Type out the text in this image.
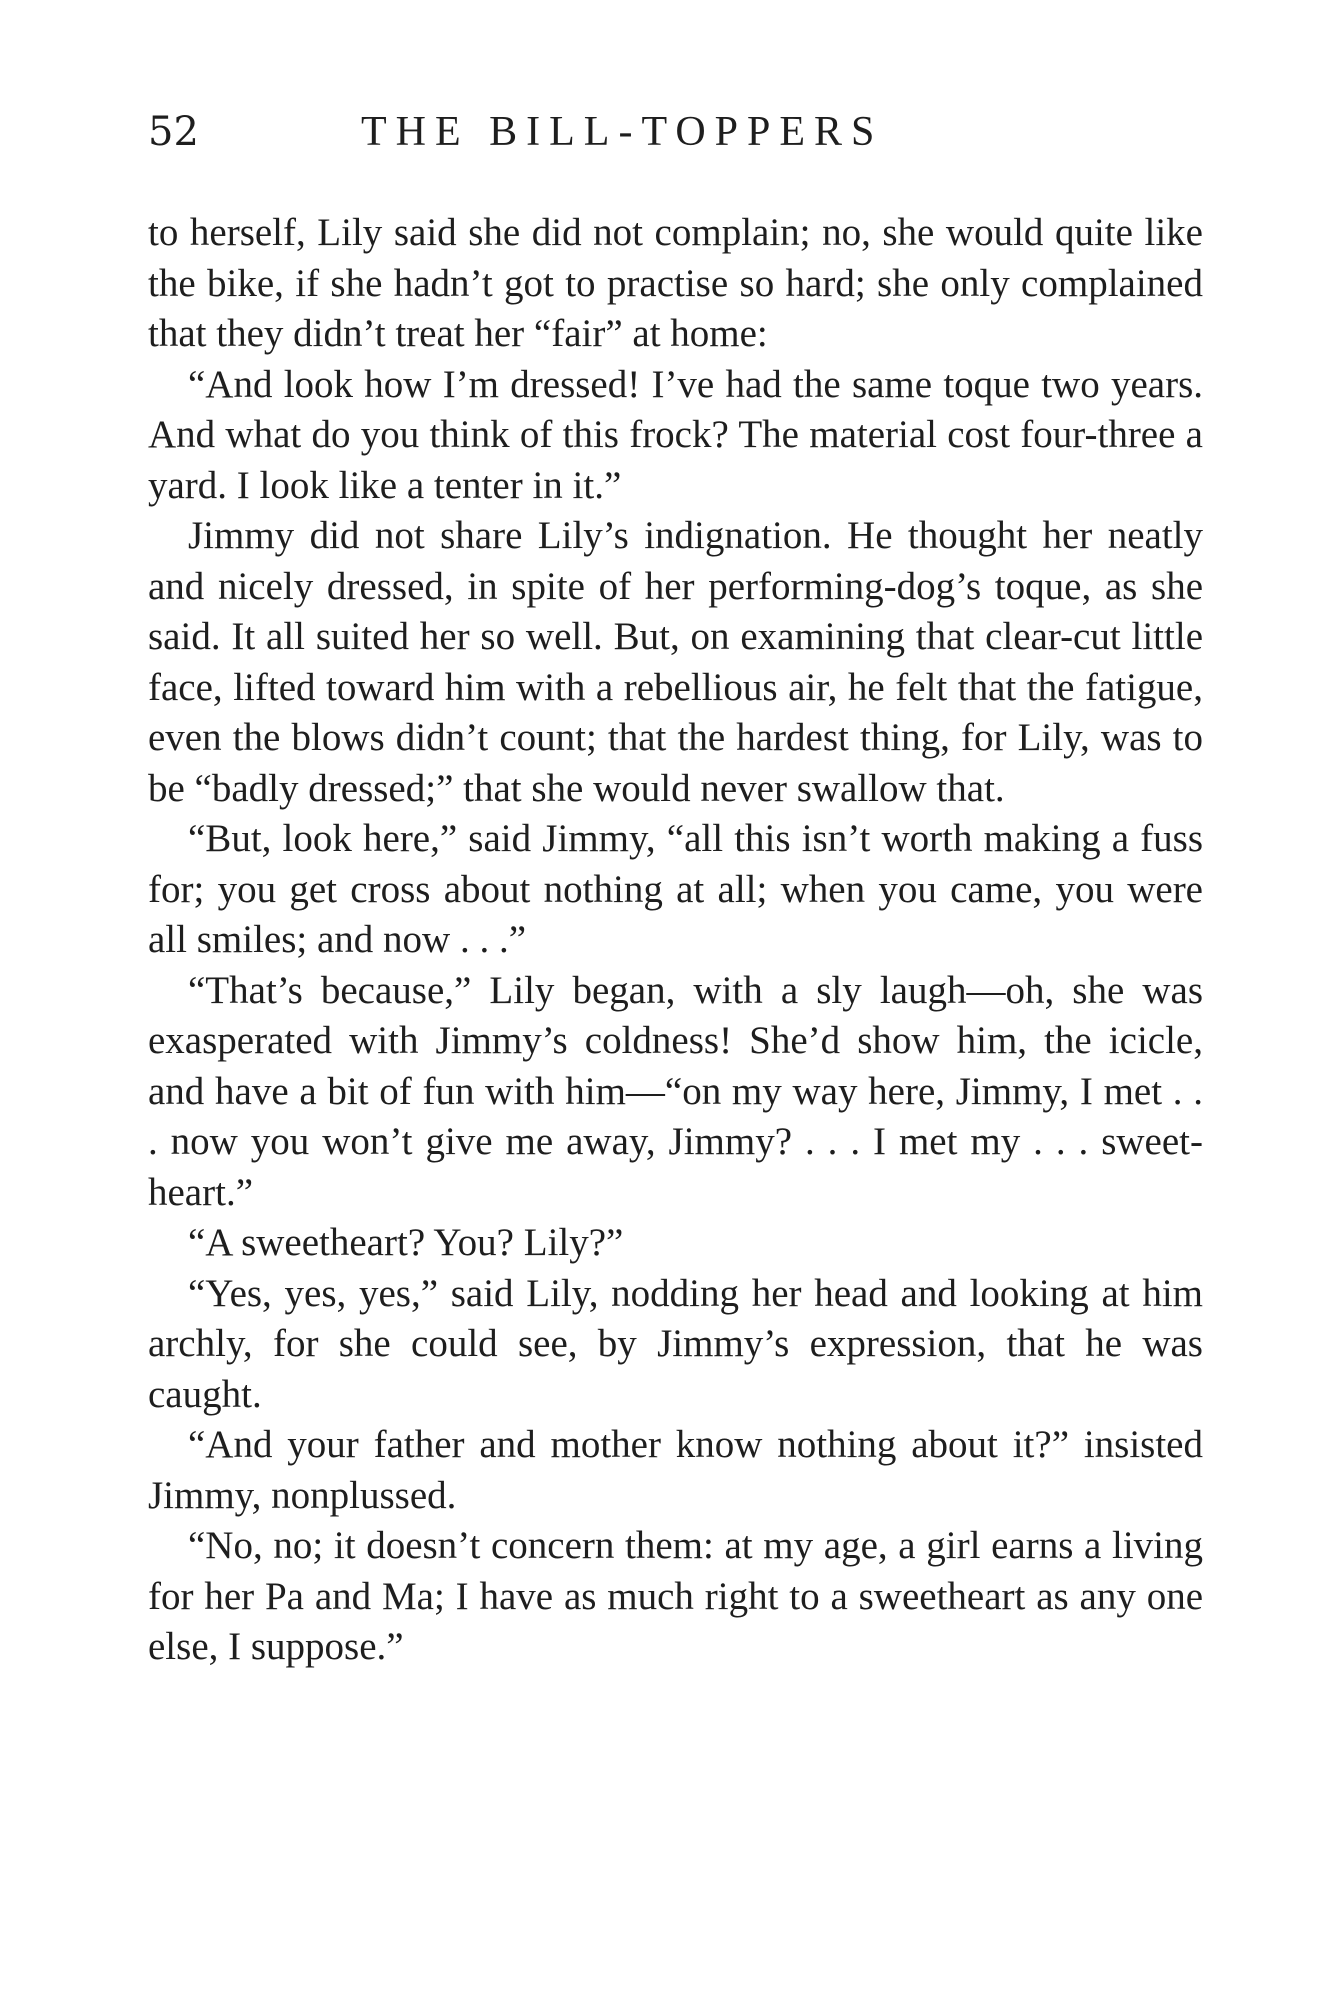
52	THE BILL-TOPPERS

to herself, Lily said she did not complain; no, she would quite like the bike, if she hadn’t got to practise so hard; she only complained that they didn’t treat her “fair” at home:

“And look how I’m dressed! I’ve had the same toque two years. And what do you think of this frock? The material cost four-three a yard. I look like a tenter in it.”

Jimmy did not share Lily’s indignation. He thought her neatly and nicely dressed, in spite of her performing-dog’s toque, as she said. It all suited her so well. But, on examining that clear-cut little face, lifted toward him with a rebellious air, he felt that the fatigue, even the blows didn’t count; that the hardest thing, for Lily, was to be “badly dressed;” that she would never swallow that.

“But, look here,” said Jimmy, “all this isn’t worth making a fuss for; you get cross about nothing at all; when you came, you were all smiles; and now . . .”

“That’s because,” Lily began, with a sly laugh—oh, she was exasperated with Jimmy’s coldness! She’d show him, the icicle, and have a bit of fun with him—“on my way here, Jimmy, I met . . . now you won’t give me away, Jimmy? . . . I met my . . . sweet-heart.”

“A sweetheart? You? Lily?”

“Yes, yes, yes,” said Lily, nodding her head and looking at him archly, for she could see, by Jimmy’s expression, that he was caught.

“And your father and mother know nothing about it?” insisted Jimmy, nonplussed.

“No, no; it doesn’t concern them: at my age, a girl earns a living for her Pa and Ma; I have as much right to a sweetheart as any one else, I suppose.”
